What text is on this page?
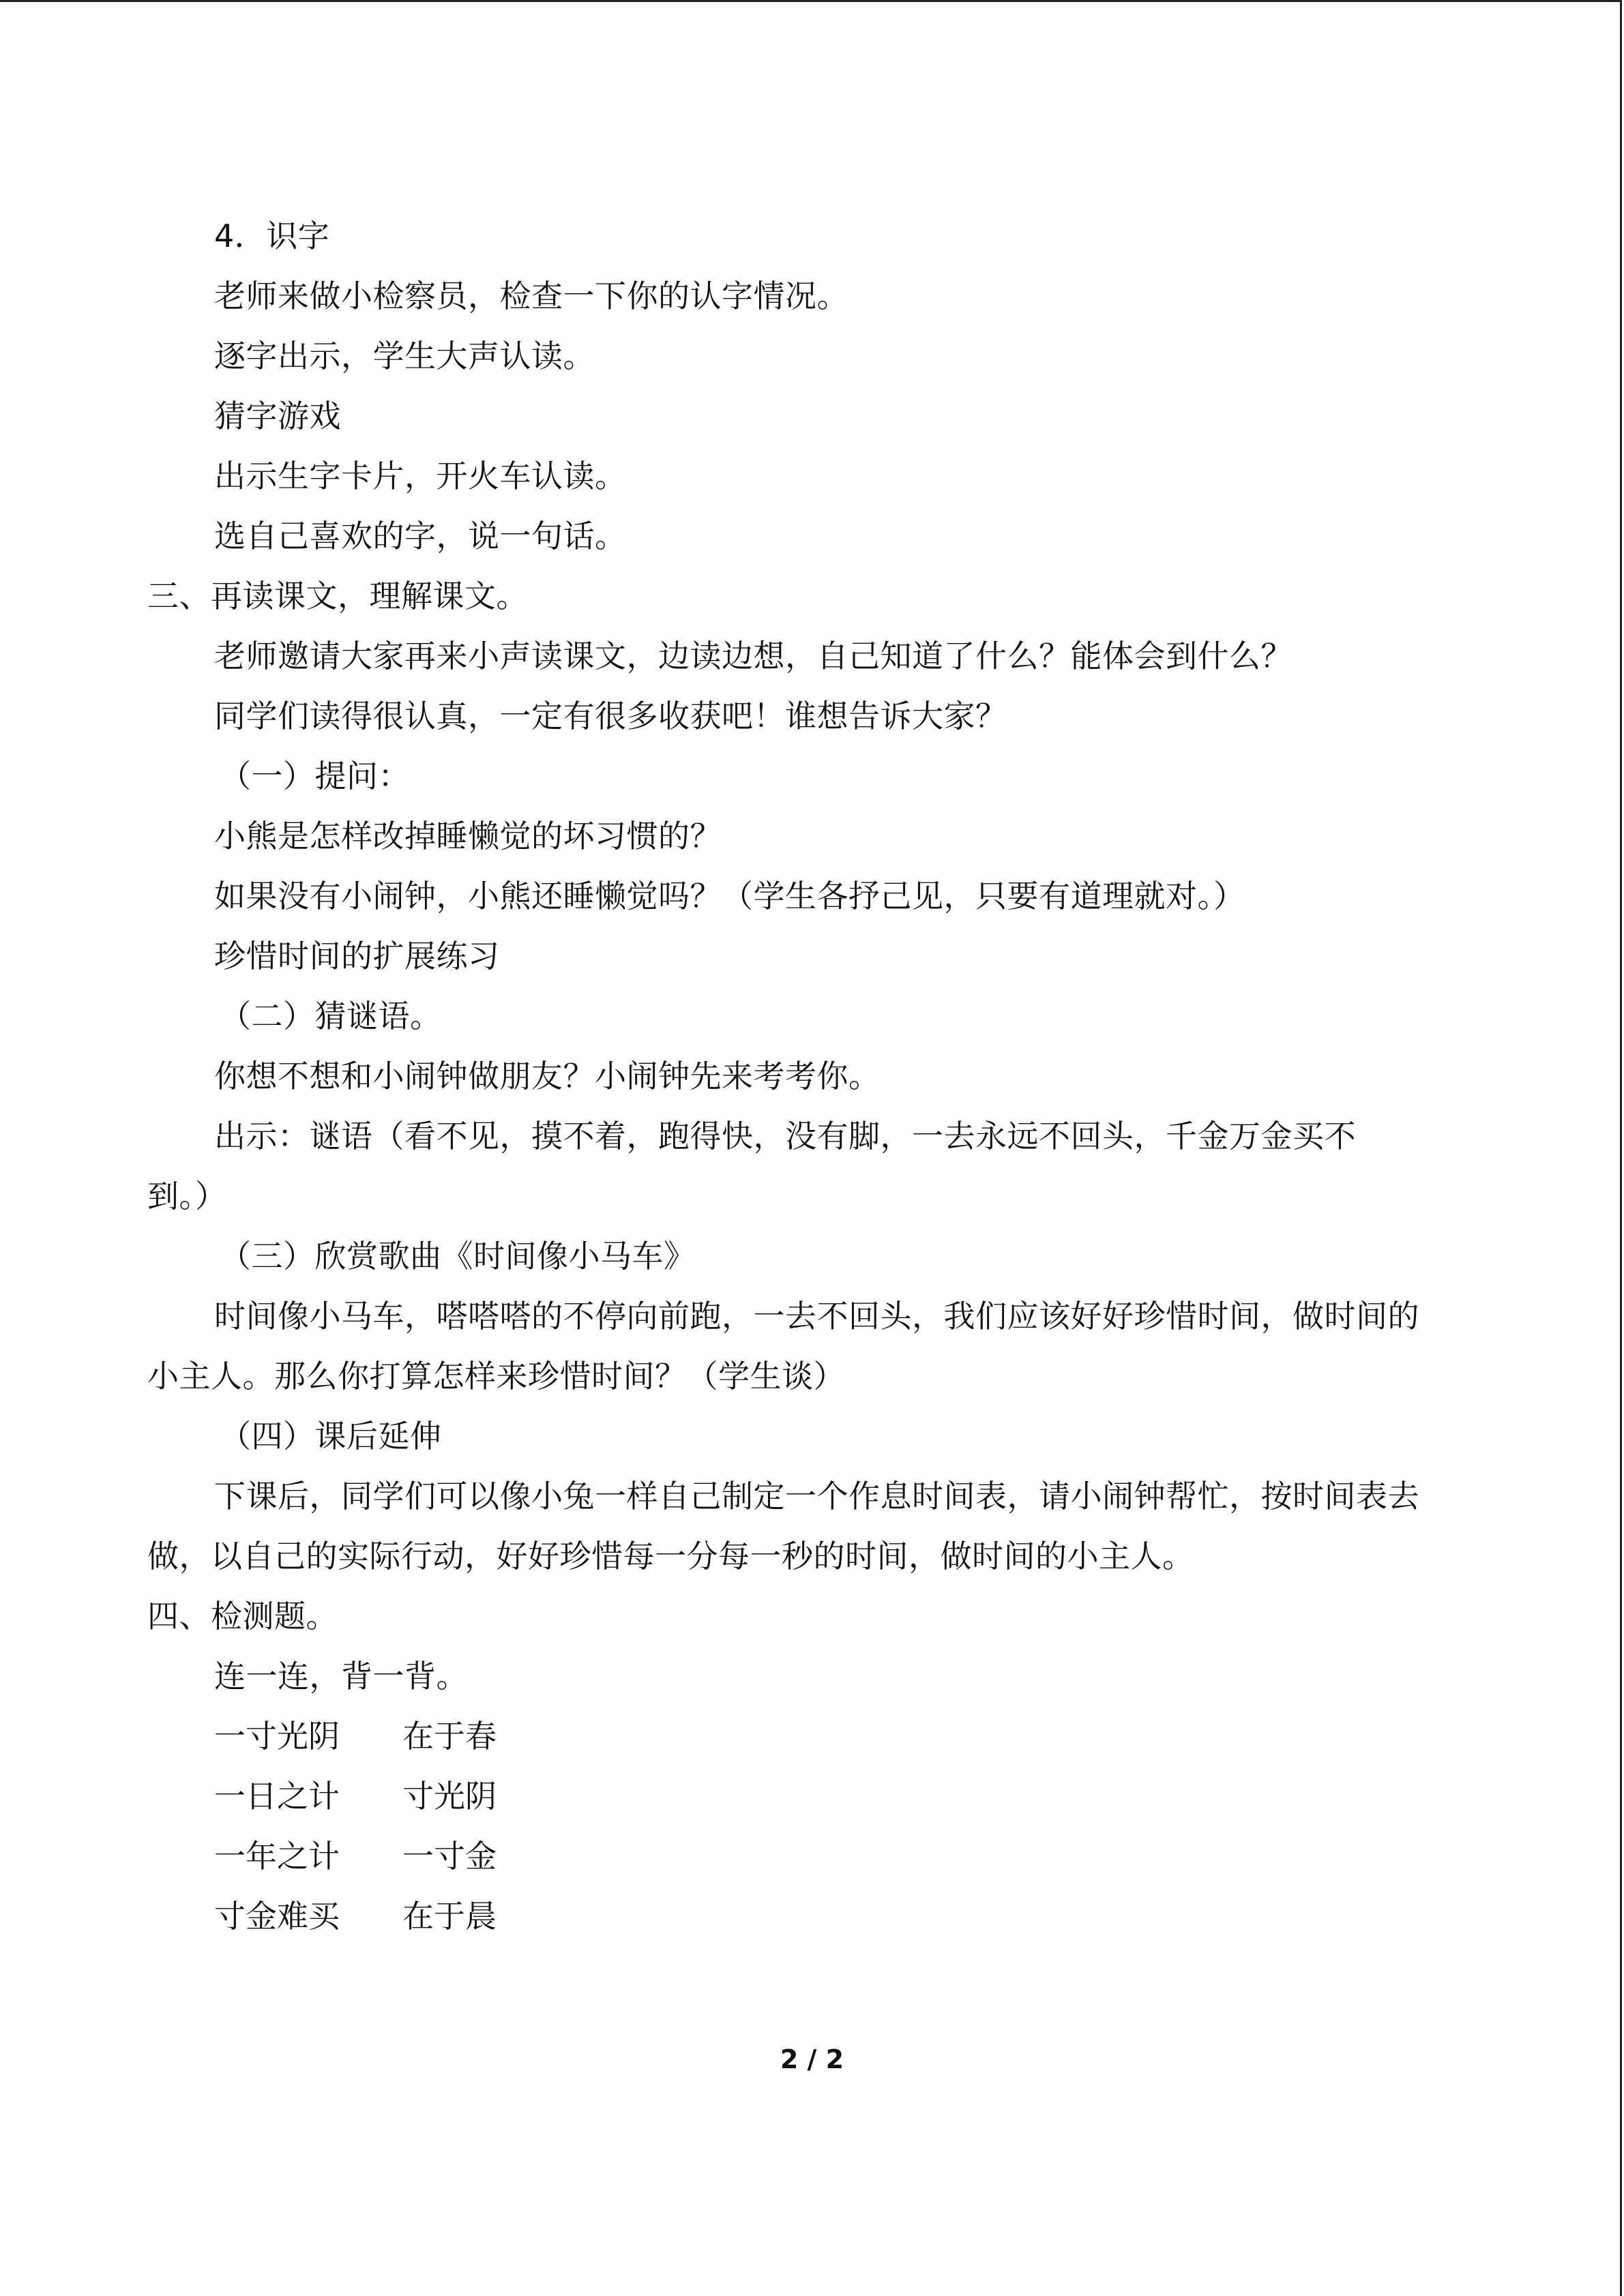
4．识字
老师来做小检察员，检查一下你的认字情况。
逐字出示，学生大声认读。
猜字游戏
出示生字卡片，开火车认读。
选自己喜欢的字，说一句话。
三、再读课文，理解课文。
老师邀请大家再来小声读课文，边读边想，自己知道了什么？能体会到什么？
同学们读得很认真，一定有很多收获吧！谁想告诉大家？
（一）提问：
小熊是怎样改掉睡懒觉的坏习惯的？
如果没有小闹钟，小熊还睡懒觉吗？（学生各抒己见，只要有道理就对。）
珍惜时间的扩展练习
（二）猜谜语。
你想不想和小闹钟做朋友？小闹钟先来考考你。
出示：谜语（看不见，摸不着，跑得快，没有脚，一去永远不回头，千金万金买不
到。）
（三）欣赏歌曲《时间像小马车》
时间像小马车，嗒嗒嗒的不停向前跑，一去不回头，我们应该好好珍惜时间，做时间的
小主人。那么你打算怎样来珍惜时间？（学生谈）
（四）课后延伸
下课后，同学们可以像小兔一样自己制定一个作息时间表，请小闹钟帮忙，按时间表去
做，以自己的实际行动，好好珍惜每一分每一秒的时间，做时间的小主人。
四、检测题。
连一连，背一背。
一寸光阴 在于春
一日之计 寸光阴
一年之计 一寸金
寸金难买 在于晨
2 / 2
